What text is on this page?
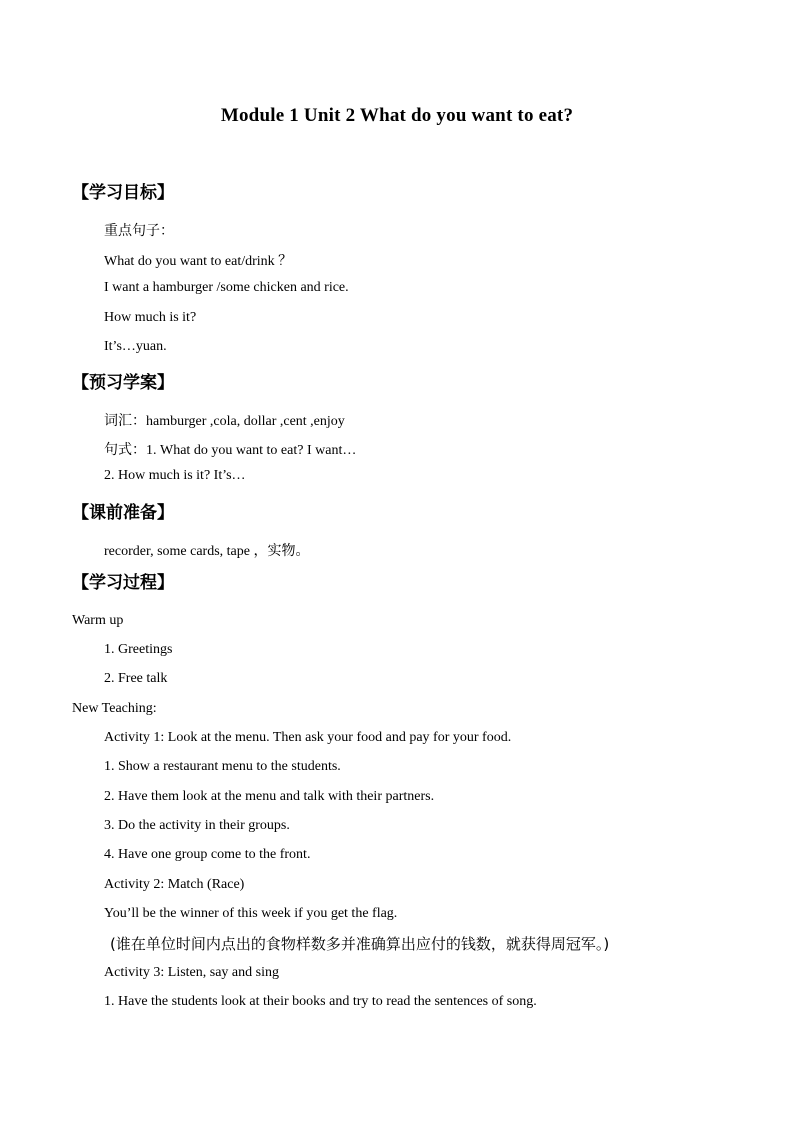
Module 1 Unit 2 What do you want to eat?
【学习目标】
重点句子：
What do you want to eat/drink ？
I want a hamburger /some chicken and rice.
How much is it?
It’s…yuan.
【预习学案】
词汇：hamburger ,cola, dollar ,cent ,enjoy
句式：1. What do you want to eat? I want…
2. How much is it? It’s…
【课前准备】
recorder, some cards, tape ，实物。
【学习过程】
Warm up
1. Greetings
2. Free talk
New Teaching:
Activity 1: Look at the menu. Then ask your food and pay for your food.
1. Show a restaurant menu to the students.
2. Have them look at the menu and talk with their partners.
3. Do the activity in their groups.
4. Have one group come to the front.
Activity 2: Match (Race)
You’ll be the winner of this week if you get the flag.
(谁在单位时间内点出的食物样数多并准确算出应付的钱数，就获得周冠军。)
Activity 3: Listen, say and sing
1. Have the students look at their books and try to read the sentences of song.
